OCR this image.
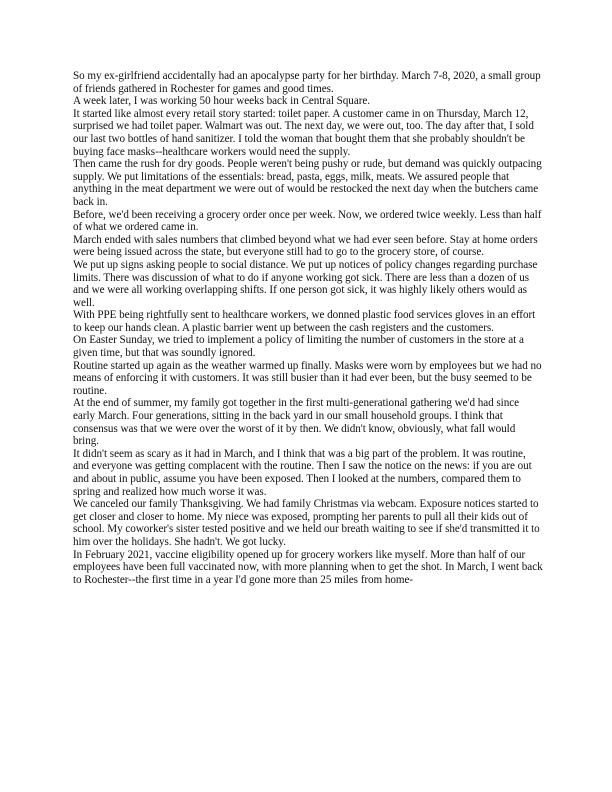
So my ex-girlfriend accidentally had an apocalypse party for her birthday. March 7-8, 2020, a small group of friends gathered in Rochester for games and good times.

A week later, I was working 50 hour weeks back in Central Square.

It started like almost every retail story started: toilet paper. A customer came in on Thursday, March 12, surprised we had toilet paper. Walmart was out. The next day, we were out, too. The day after that, I sold our last two bottles of hand sanitizer. I told the woman that bought them that she probably shouldn't be buying face masks--healthcare workers would need the supply.

Then came the rush for dry goods. People weren't being pushy or rude, but demand was quickly outpacing supply. We put limitations of the essentials: bread, pasta, eggs, milk, meats. We assured people that anything in the meat department we were out of would be restocked the next day when the butchers came back in.

Before, we'd been receiving a grocery order once per week. Now, we ordered twice weekly. Less than half of what we ordered came in.

March ended with sales numbers that climbed beyond what we had ever seen before. Stay at home orders were being issued across the state, but everyone still had to go to the grocery store, of course.

We put up signs asking people to social distance. We put up notices of policy changes regarding purchase limits. There was discussion of what to do if anyone working got sick. There are less than a dozen of us and we were all working overlapping shifts. If one person got sick, it was highly likely others would as well.

With PPE being rightfully sent to healthcare workers, we donned plastic food services gloves in an effort to keep our hands clean. A plastic barrier went up between the cash registers and the customers.

On Easter Sunday, we tried to implement a policy of limiting the number of customers in the store at a given time, but that was soundly ignored.

Routine started up again as the weather warmed up finally. Masks were worn by employees but we had no means of enforcing it with customers. It was still busier than it had ever been, but the busy seemed to be routine.

At the end of summer, my family got together in the first multi-generational gathering we'd had since early March. Four generations, sitting in the back yard in our small household groups. I think that consensus was that we were over the worst of it by then. We didn't know, obviously, what fall would bring.

It didn't seem as scary as it had in March, and I think that was a big part of the problem. It was routine, and everyone was getting complacent with the routine. Then I saw the notice on the news: if you are out and about in public, assume you have been exposed. Then I looked at the numbers, compared them to spring and realized how much worse it was.

We canceled our family Thanksgiving. We had family Christmas via webcam. Exposure notices started to get closer and closer to home. My niece was exposed, prompting her parents to pull all their kids out of school. My coworker's sister tested positive and we held our breath waiting to see if she'd transmitted it to him over the holidays. She hadn't. We got lucky.

In February 2021, vaccine eligibility opened up for grocery workers like myself. More than half of our employees have been full vaccinated now, with more planning when to get the shot. In March, I went back to Rochester--the first time in a year I'd gone more than 25 miles from home-
